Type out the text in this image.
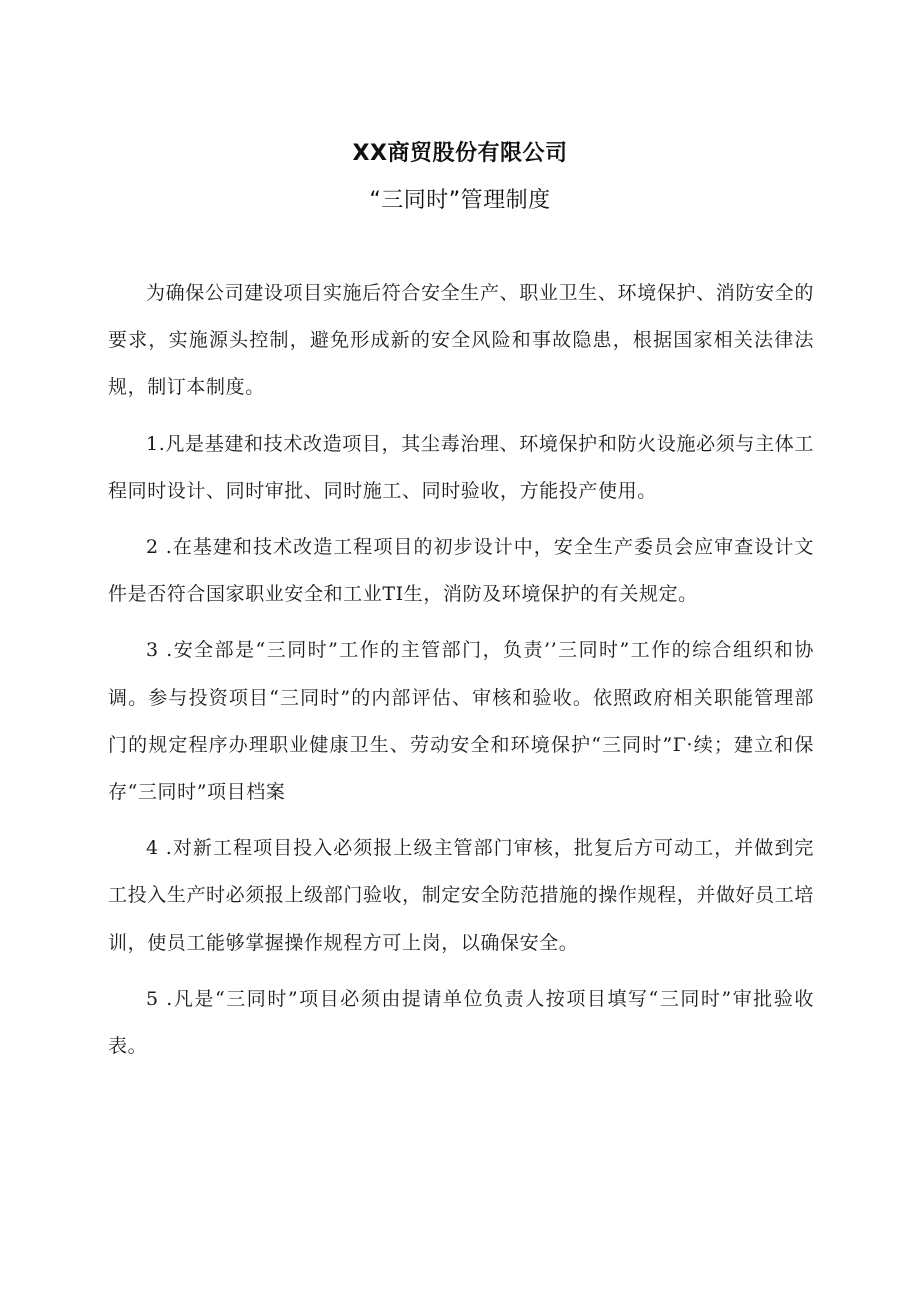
XX商贸股份有限公司
“三同时”管理制度

为确保公司建设项目实施后符合安全生产、职业卫生、环境保护、消防安全的要求，实施源头控制，避免形成新的安全风险和事故隐患，根据国家相关法律法规，制订本制度。

1.凡是基建和技术改造项目，其尘毒治理、环境保护和防火设施必须与主体工程同时设计、同时审批、同时施工、同时验收，方能投产使用。

2 .在基建和技术改造工程项目的初步设计中，安全生产委员会应审查设计文件是否符合国家职业安全和工业TI生，消防及环境保护的有关规定。

3 .安全部是“三同时”工作的主管部门，负责’’三同时”工作的综合组织和协调。参与投资项目“三同时”的内部评估、审核和验收。依照政府相关职能管理部门的规定程序办理职业健康卫生、劳动安全和环境保护“三同时”Γ·续；建立和保存“三同时”项目档案

4 .对新工程项目投入必须报上级主管部门审核，批复后方可动工，并做到完工投入生产时必须报上级部门验收，制定安全防范措施的操作规程，并做好员工培训，使员工能够掌握操作规程方可上岗，以确保安全。

5 .凡是“三同时”项目必须由提请单位负责人按项目填写“三同时”审批验收表。
